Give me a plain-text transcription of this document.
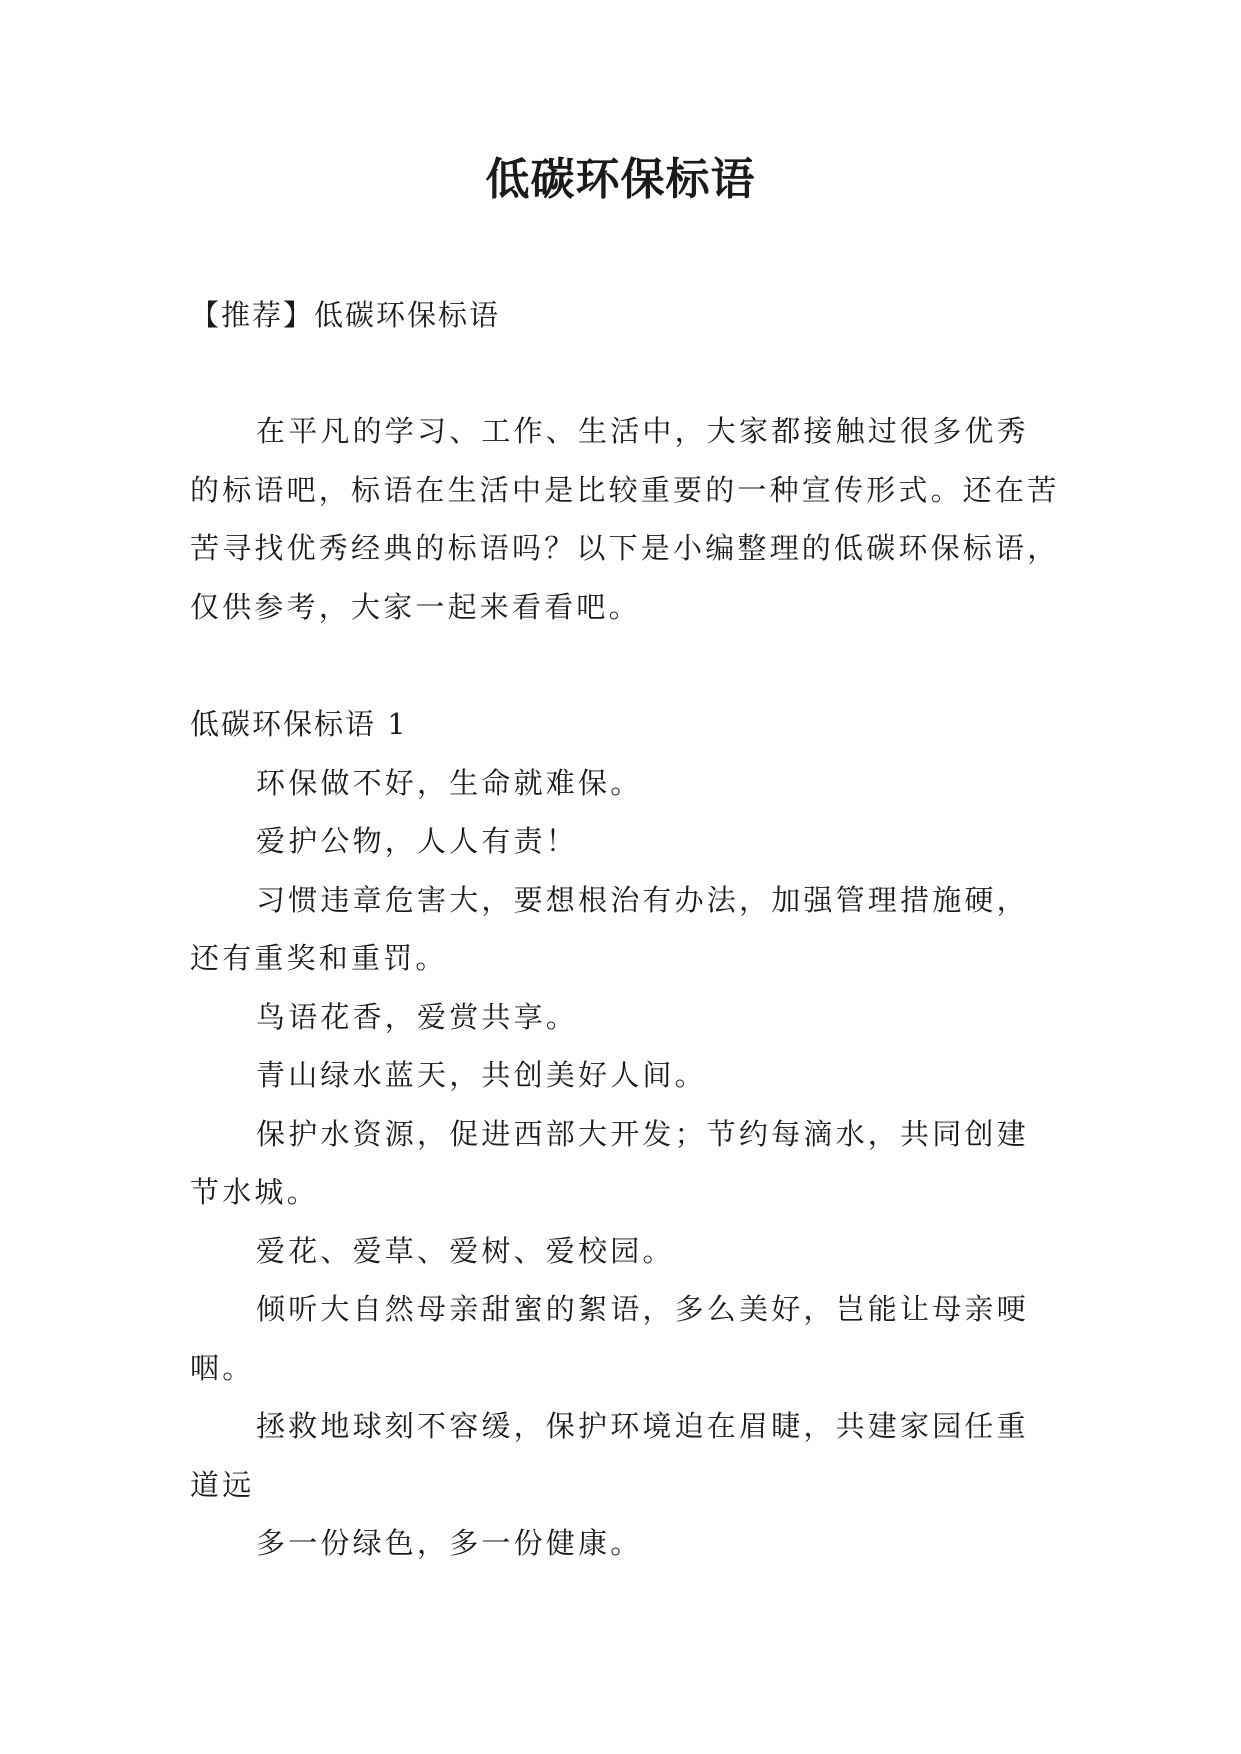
低碳环保标语
【推荐】低碳环保标语
在平凡的学习、工作、生活中，大家都接触过很多优秀的标语吧，标语在生活中是比较重要的一种宣传形式。还在苦苦寻找优秀经典的标语吗？以下是小编整理的低碳环保标语，仅供参考，大家一起来看看吧。

低碳环保标语 1

环保做不好，生命就难保。

爱护公物，人人有责！

习惯违章危害大，要想根治有办法，加强管理措施硬，还有重奖和重罚。

鸟语花香，爱赏共享。

青山绿水蓝天，共创美好人间。

保护水资源，促进西部大开发；节约每滴水，共同创建节水城。

爱花、爱草、爱树、爱校园。

倾听大自然母亲甜蜜的絮语，多么美好，岂能让母亲哽咽。

拯救地球刻不容缓，保护环境迫在眉睫，共建家园任重道远

多一份绿色，多一份健康。
